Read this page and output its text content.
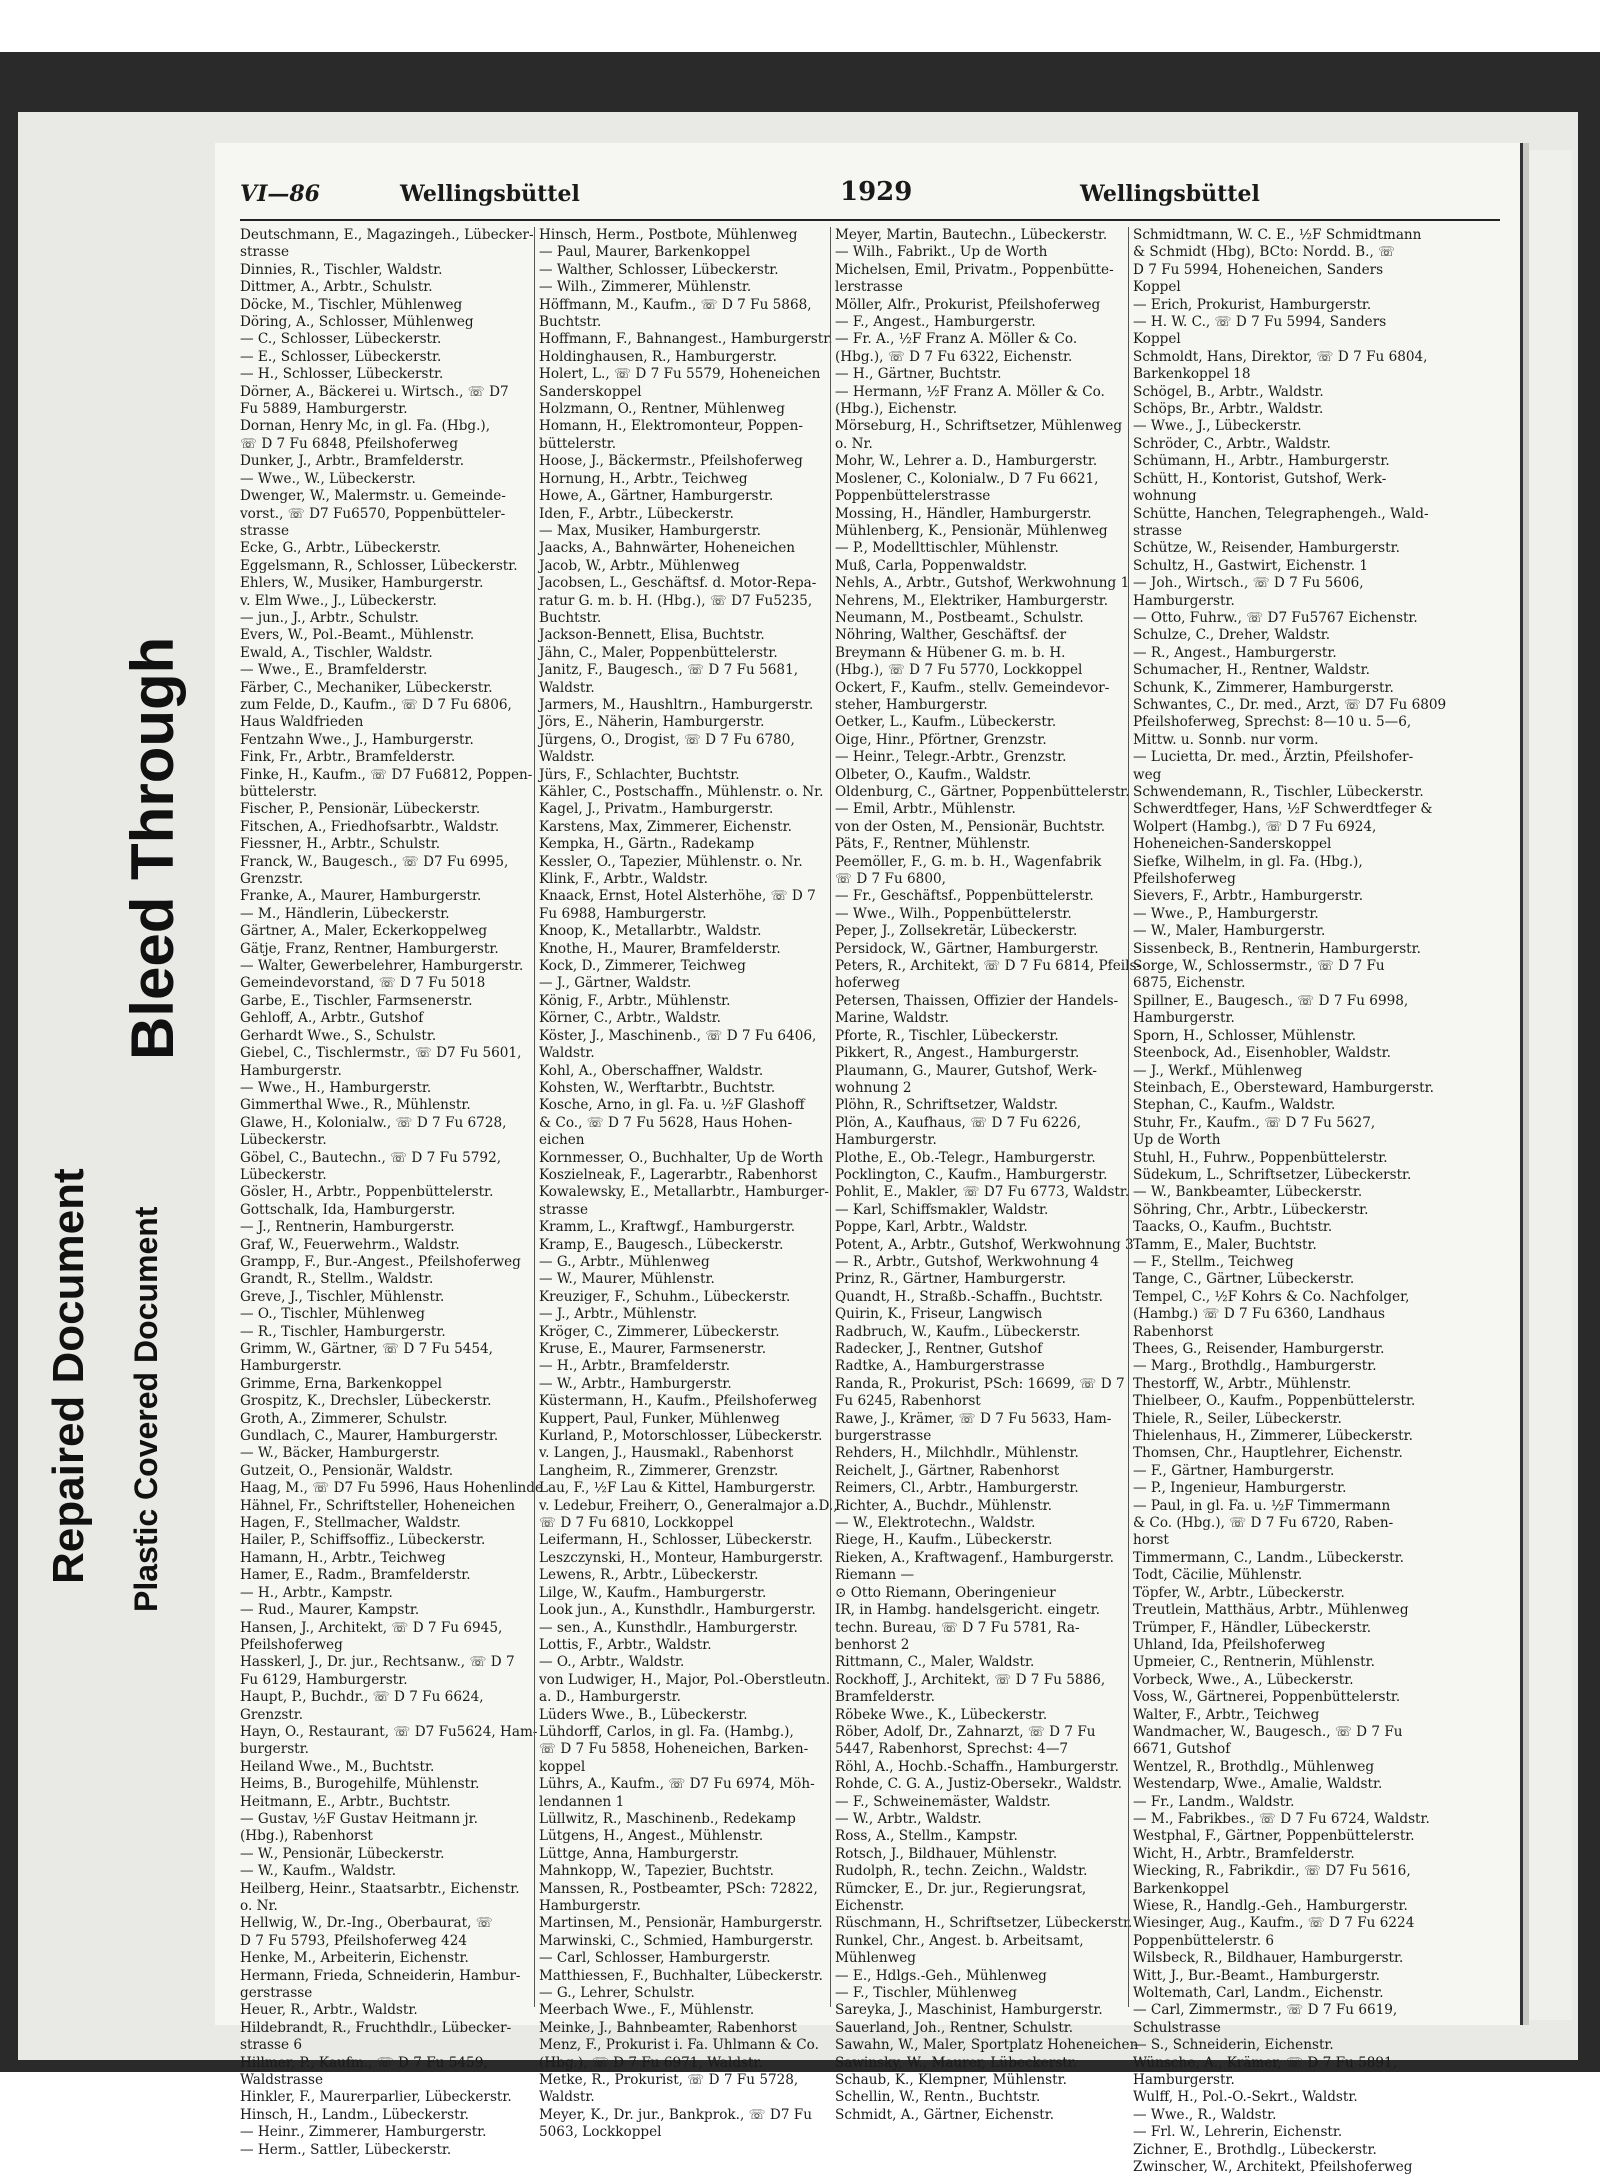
Bleed Through
Repaired Document Plastic Covered Document
VI—86	Wellingsbüttel	1929	Wellingsbüttel
Deutschmann, E., Magazingeh., Lübecker-
strasse
Dinnies, R., Tischler, Waldstr.
Dittmer, A., Arbtr., Schulstr.
Döcke, M., Tischler, Mühlenweg
Döring, A., Schlosser, Mühlenweg
— C., Schlosser, Lübeckerstr.
— E., Schlosser, Lübeckerstr.
— H., Schlosser, Lübeckerstr.
Dörner, A., Bäckerei u. Wirtsch., ☏ D7
Fu 5889, Hamburgerstr.
Dornan, Henry Mc, in gl. Fa. (Hbg.),
☏ D 7 Fu 6848, Pfeilshoferweg
Dunker, J., Arbtr., Bramfelderstr.
— Wwe., W., Lübeckerstr.
Dwenger, W., Malermstr. u. Gemeinde-
vorst., ☏ D7 Fu6570, Poppenbütteler-
strasse
Ecke, G., Arbtr., Lübeckerstr.
Eggelsmann, R., Schlosser, Lübeckerstr.
Ehlers, W., Musiker, Hamburgerstr.
v. Elm Wwe., J., Lübeckerstr.
— jun., J., Arbtr., Schulstr.
Evers, W., Pol.-Beamt., Mühlenstr.
Ewald, A., Tischler, Waldstr.
— Wwe., E., Bramfelderstr.
Färber, C., Mechaniker, Lübeckerstr.
zum Felde, D., Kaufm., ☏ D 7 Fu 6806,
Haus Waldfrieden
Fentzahn Wwe., J., Hamburgerstr.
Fink, Fr., Arbtr., Bramfelderstr.
Finke, H., Kaufm., ☏ D7 Fu6812, Poppen-
büttelerstr.
Fischer, P., Pensionär, Lübeckerstr.
Fitschen, A., Friedhofsarbtr., Waldstr.
Fiessner, H., Arbtr., Schulstr.
Franck, W., Baugesch., ☏ D7 Fu 6995,
Grenzstr.
Franke, A., Maurer, Hamburgerstr.
— M., Händlerin, Lübeckerstr.
Gärtner, A., Maler, Eckerkoppelweg
Gätje, Franz, Rentner, Hamburgerstr.
— Walter, Gewerbelehrer, Hamburgerstr.
Gemeindevorstand, ☏ D 7 Fu 5018
Garbe, E., Tischler, Farmsenerstr.
Gehloff, A., Arbtr., Gutshof
Gerhardt Wwe., S., Schulstr.
Giebel, C., Tischlermstr., ☏ D7 Fu 5601,
Hamburgerstr.
— Wwe., H., Hamburgerstr.
Gimmerthal Wwe., R., Mühlenstr.
Glawe, H., Kolonialw., ☏ D 7 Fu 6728,
Lübeckerstr.
Göbel, C., Bautechn., ☏ D 7 Fu 5792,
Lübeckerstr.
Gösler, H., Arbtr., Poppenbüttelerstr.
Gottschalk, Ida, Hamburgerstr.
— J., Rentnerin, Hamburgerstr.
Graf, W., Feuerwehrm., Waldstr.
Grampp, F., Bur.-Angest., Pfeilshoferweg
Grandt, R., Stellm., Waldstr.
Greve, J., Tischler, Mühlenstr.
— O., Tischler, Mühlenweg
— R., Tischler, Hamburgerstr.
Grimm, W., Gärtner, ☏ D 7 Fu 5454,
Hamburgerstr.
Grimme, Erna, Barkenkoppel
Grospitz, K., Drechsler, Lübeckerstr.
Groth, A., Zimmerer, Schulstr.
Gundlach, C., Maurer, Hamburgerstr.
— W., Bäcker, Hamburgerstr.
Gutzeit, O., Pensionär, Waldstr.
Haag, M., ☏ D7 Fu 5996, Haus Hohenlinde
Hähnel, Fr., Schriftsteller, Hoheneichen
Hagen, F., Stellmacher, Waldstr.
Hailer, P., Schiffsoffiz., Lübeckerstr.
Hamann, H., Arbtr., Teichweg
Hamer, E., Radm., Bramfelderstr.
— H., Arbtr., Kampstr.
— Rud., Maurer, Kampstr.
Hansen, J., Architekt, ☏ D 7 Fu 6945,
Pfeilshoferweg
Hasskerl, J., Dr. jur., Rechtsanw., ☏ D 7
Fu 6129, Hamburgerstr.
Haupt, P., Buchdr., ☏ D 7 Fu 6624,
Grenzstr.
Hayn, O., Restaurant, ☏ D7 Fu5624, Ham-
burgerstr.
Heiland Wwe., M., Buchtstr.
Heims, B., Burogehilfe, Mühlenstr.
Heitmann, E., Arbtr., Buchtstr.
— Gustav, ½F Gustav Heitmann jr.
(Hbg.), Rabenhorst
— W., Pensionär, Lübeckerstr.
— W., Kaufm., Waldstr.
Heilberg, Heinr., Staatsarbtr., Eichenstr.
o. Nr.
Hellwig, W., Dr.-Ing., Oberbaurat, ☏
D 7 Fu 5793, Pfeilshoferweg 424
Henke, M., Arbeiterin, Eichenstr.
Hermann, Frieda, Schneiderin, Hambur-
gerstrasse
Heuer, R., Arbtr., Waldstr.
Hildebrandt, R., Fruchthdlr., Lübecker-
strasse 6
Hillmer, P., Kaufm., ☏ D 7 Fu 5459,
Waldstrasse
Hinkler, F., Maurerparlier, Lübeckerstr.
Hinsch, H., Landm., Lübeckerstr.
— Heinr., Zimmerer, Hamburgerstr.
— Herm., Sattler, Lübeckerstr.
Hinsch, Herm., Postbote, Mühlenweg
— Paul, Maurer, Barkenkoppel
— Walther, Schlosser, Lübeckerstr.
— Wilh., Zimmerer, Mühlenstr.
Höffmann, M., Kaufm., ☏ D 7 Fu 5868,
Buchtstr.
Hoffmann, F., Bahnangest., Hamburgerstr.
Holdinghausen, R., Hamburgerstr.
Holert, L., ☏ D 7 Fu 5579, Hoheneichen
Sanderskoppel
Holzmann, O., Rentner, Mühlenweg
Homann, H., Elektromonteur, Poppen-
büttelerstr.
Hoose, J., Bäckermstr., Pfeilshoferweg
Hornung, H., Arbtr., Teichweg
Howe, A., Gärtner, Hamburgerstr.
Iden, F., Arbtr., Lübeckerstr.
— Max, Musiker, Hamburgerstr.
Jaacks, A., Bahnwärter, Hoheneichen
Jacob, W., Arbtr., Mühlenweg
Jacobsen, L., Geschäftsf. d. Motor-Repa-
ratur G. m. b. H. (Hbg.), ☏ D7 Fu5235,
Buchtstr.
Jackson-Bennett, Elisa, Buchtstr.
Jähn, C., Maler, Poppenbüttelerstr.
Janitz, F., Baugesch., ☏ D 7 Fu 5681,
Waldstr.
Jarmers, M., Haushltrn., Hamburgerstr.
Jörs, E., Näherin, Hamburgerstr.
Jürgens, O., Drogist, ☏ D 7 Fu 6780,
Waldstr.
Jürs, F., Schlachter, Buchtstr.
Kähler, C., Postschaffn., Mühlenstr. o. Nr.
Kagel, J., Privatm., Hamburgerstr.
Karstens, Max, Zimmerer, Eichenstr.
Kempka, H., Gärtn., Radekamp
Kessler, O., Tapezier, Mühlenstr. o. Nr.
Klink, F., Arbtr., Waldstr.
Knaack, Ernst, Hotel Alsterhöhe, ☏ D 7
Fu 6988, Hamburgerstr.
Knoop, K., Metallarbtr., Waldstr.
Knothe, H., Maurer, Bramfelderstr.
Kock, D., Zimmerer, Teichweg
— J., Gärtner, Waldstr.
König, F., Arbtr., Mühlenstr.
Körner, C., Arbtr., Waldstr.
Köster, J., Maschinenb., ☏ D 7 Fu 6406,
Waldstr.
Kohl, A., Oberschaffner, Waldstr.
Kohsten, W., Werftarbtr., Buchtstr.
Kosche, Arno, in gl. Fa. u. ½F Glashoff
& Co., ☏ D 7 Fu 5628, Haus Hohen-
eichen
Kornmesser, O., Buchhalter, Up de Worth
Koszielneak, F., Lagerarbtr., Rabenhorst
Kowalewsky, E., Metallarbtr., Hamburger-
strasse
Kramm, L., Kraftwgf., Hamburgerstr.
Kramp, E., Baugesch., Lübeckerstr.
— G., Arbtr., Mühlenweg
— W., Maurer, Mühlenstr.
Kreuziger, F., Schuhm., Lübeckerstr.
— J., Arbtr., Mühlenstr.
Kröger, C., Zimmerer, Lübeckerstr.
Kruse, E., Maurer, Farmsenerstr.
— H., Arbtr., Bramfelderstr.
— W., Arbtr., Hamburgerstr.
Küstermann, H., Kaufm., Pfeilshoferweg
Kuppert, Paul, Funker, Mühlenweg
Kurland, P., Motorschlosser, Lübeckerstr.
v. Langen, J., Hausmakl., Rabenhorst
Langheim, R., Zimmerer, Grenzstr.
Lau, F., ½F Lau & Kittel, Hamburgerstr.
v. Ledebur, Freiherr, O., Generalmajor a.D.,
☏ D 7 Fu 6810, Lockkoppel
Leifermann, H., Schlosser, Lübeckerstr.
Leszczynski, H., Monteur, Hamburgerstr.
Lewens, R., Arbtr., Lübeckerstr.
Lilge, W., Kaufm., Hamburgerstr.
Look jun., A., Kunsthdlr., Hamburgerstr.
— sen., A., Kunsthdlr., Hamburgerstr.
Lottis, F., Arbtr., Waldstr.
— O., Arbtr., Waldstr.
von Ludwiger, H., Major, Pol.-Oberstleutn.
a. D., Hamburgerstr.
Lüders Wwe., B., Lübeckerstr.
Lühdorff, Carlos, in gl. Fa. (Hambg.),
☏ D 7 Fu 5858, Hoheneichen, Barken-
koppel
Lührs, A., Kaufm., ☏ D7 Fu 6974, Möh-
lendannen 1
Lüllwitz, R., Maschinenb., Redekamp
Lütgens, H., Angest., Mühlenstr.
Lüttge, Anna, Hamburgerstr.
Mahnkopp, W., Tapezier, Buchtstr.
Manssen, R., Postbeamter, PSch: 72822,
Hamburgerstr.
Martinsen, M., Pensionär, Hamburgerstr.
Marwinski, C., Schmied, Hamburgerstr.
— Carl, Schlosser, Hamburgerstr.
Matthiessen, F., Buchhalter, Lübeckerstr.
— G., Lehrer, Schulstr.
Meerbach Wwe., F., Mühlenstr.
Meinke, J., Bahnbeamter, Rabenhorst
Menz, F., Prokurist i. Fa. Uhlmann & Co.
(Hbg.), ☏ D 7 Fu 6971, Waldstr.
Metke, R., Prokurist, ☏ D 7 Fu 5728,
Waldstr.
Meyer, K., Dr. jur., Bankprok., ☏ D7 Fu
5063, Lockkoppel
Meyer, Martin, Bautechn., Lübeckerstr.
— Wilh., Fabrikt., Up de Worth
Michelsen, Emil, Privatm., Poppenbütte-
lerstrasse
Möller, Alfr., Prokurist, Pfeilshoferweg
— F., Angest., Hamburgerstr.
— Fr. A., ½F Franz A. Möller & Co.
(Hbg.), ☏ D 7 Fu 6322, Eichenstr.
— H., Gärtner, Buchtstr.
— Hermann, ½F Franz A. Möller & Co.
(Hbg.), Eichenstr.
Mörseburg, H., Schriftsetzer, Mühlenweg
o. Nr.
Mohr, W., Lehrer a. D., Hamburgerstr.
Moslener, C., Kolonialw., D 7 Fu 6621,
Poppenbüttelerstrasse
Mossing, H., Händler, Hamburgerstr.
Mühlenberg, K., Pensionär, Mühlenweg
— P., Modellttischler, Mühlenstr.
Muß, Carla, Poppenwaldstr.
Nehls, A., Arbtr., Gutshof, Werkwohnung 1
Nehrens, M., Elektriker, Hamburgerstr.
Neumann, M., Postbeamt., Schulstr.
Nöhring, Walther, Geschäftsf. der
Breymann & Hübener G. m. b. H.
(Hbg.), ☏ D 7 Fu 5770, Lockkoppel
Ockert, F., Kaufm., stellv. Gemeindevor-
steher, Hamburgerstr.
Oetker, L., Kaufm., Lübeckerstr.
Oige, Hinr., Pförtner, Grenzstr.
— Heinr., Telegr.-Arbtr., Grenzstr.
Olbeter, O., Kaufm., Waldstr.
Oldenburg, C., Gärtner, Poppenbüttelerstr.
— Emil, Arbtr., Mühlenstr.
von der Osten, M., Pensionär, Buchtstr.
Päts, F., Rentner, Mühlenstr.
Peemöller, F., G. m. b. H., Wagenfabrik
☏ D 7 Fu 6800,
— Fr., Geschäftsf., Poppenbüttelerstr.
— Wwe., Wilh., Poppenbüttelerstr.
Peper, J., Zollsekretär, Lübeckerstr.
Persidock, W., Gärtner, Hamburgerstr.
Peters, R., Architekt, ☏ D 7 Fu 6814, Pfeils-
hoferweg
Petersen, Thaissen, Offizier der Handels-
Marine, Waldstr.
Pforte, R., Tischler, Lübeckerstr.
Pikkert, R., Angest., Hamburgerstr.
Plaumann, G., Maurer, Gutshof, Werk-
wohnung 2
Plöhn, R., Schriftsetzer, Waldstr.
Plön, A., Kaufhaus, ☏ D 7 Fu 6226,
Hamburgerstr.
Plothe, E., Ob.-Telegr., Hamburgerstr.
Pocklington, C., Kaufm., Hamburgerstr.
Pohlit, E., Makler, ☏ D7 Fu 6773, Waldstr.
— Karl, Schiffsmakler, Waldstr.
Poppe, Karl, Arbtr., Waldstr.
Potent, A., Arbtr., Gutshof, Werkwohnung 3
— R., Arbtr., Gutshof, Werkwohnung 4
Prinz, R., Gärtner, Hamburgerstr.
Quandt, H., Straßb.-Schaffn., Buchtstr.
Quirin, K., Friseur, Langwisch
Radbruch, W., Kaufm., Lübeckerstr.
Radecker, J., Rentner, Gutshof
Radtke, A., Hamburgerstrasse
Randa, R., Prokurist, PSch: 16699, ☏ D 7
Fu 6245, Rabenhorst
Rawe, J., Krämer, ☏ D 7 Fu 5633, Ham-
burgerstrasse
Rehders, H., Milchhdlr., Mühlenstr.
Reichelt, J., Gärtner, Rabenhorst
Reimers, Cl., Arbtr., Hamburgerstr.
Richter, A., Buchdr., Mühlenstr.
— W., Elektrotechn., Waldstr.
Riege, H., Kaufm., Lübeckerstr.
Rieken, A., Kraftwagenf., Hamburgerstr.
Riemann —
⊙ Otto Riemann, Oberingenieur
IR, in Hambg. handelsgericht. eingetr.
techn. Bureau, ☏ D 7 Fu 5781, Ra-
benhorst 2
Rittmann, C., Maler, Waldstr.
Rockhoff, J., Architekt, ☏ D 7 Fu 5886,
Bramfelderstr.
Röbeke Wwe., K., Lübeckerstr.
Röber, Adolf, Dr., Zahnarzt, ☏ D 7 Fu
5447, Rabenhorst, Sprechst: 4—7
Röhl, A., Hochb.-Schaffn., Hamburgerstr.
Rohde, C. G. A., Justiz-Obersekr., Waldstr.
— F., Schweinemäster, Waldstr.
— W., Arbtr., Waldstr.
Ross, A., Stellm., Kampstr.
Rotsch, J., Bildhauer, Mühlenstr.
Rudolph, R., techn. Zeichn., Waldstr.
Rümcker, E., Dr. jur., Regierungsrat,
Eichenstr.
Rüschmann, H., Schriftsetzer, Lübeckerstr.
Runkel, Chr., Angest. b. Arbeitsamt,
Mühlenweg
— E., Hdlgs.-Geh., Mühlenweg
— F., Tischler, Mühlenweg
Sareyka, J., Maschinist, Hamburgerstr.
Sauerland, Joh., Rentner, Schulstr.
Sawahn, W., Maler, Sportplatz Hoheneichen
Sawinsky, W., Maurer, Lübeckerstr.
Schaub, K., Klempner, Mühlenstr.
Schellin, W., Rentn., Buchtstr.
Schmidt, A., Gärtner, Eichenstr.
Schmidtmann, W. C. E., ½F Schmidtmann
& Schmidt (Hbg), BCto: Nordd. B., ☏
D 7 Fu 5994, Hoheneichen, Sanders
Koppel
— Erich, Prokurist, Hamburgerstr.
— H. W. C., ☏ D 7 Fu 5994, Sanders
Koppel
Schmoldt, Hans, Direktor, ☏ D 7 Fu 6804,
Barkenkoppel 18
Schögel, B., Arbtr., Waldstr.
Schöps, Br., Arbtr., Waldstr.
— Wwe., J., Lübeckerstr.
Schröder, C., Arbtr., Waldstr.
Schümann, H., Arbtr., Hamburgerstr.
Schütt, H., Kontorist, Gutshof, Werk-
wohnung
Schütte, Hanchen, Telegraphengeh., Wald-
strasse
Schütze, W., Reisender, Hamburgerstr.
Schultz, H., Gastwirt, Eichenstr. 1
— Joh., Wirtsch., ☏ D 7 Fu 5606,
Hamburgerstr.
— Otto, Fuhrw., ☏ D7 Fu5767 Eichenstr.
Schulze, C., Dreher, Waldstr.
— R., Angest., Hamburgerstr.
Schumacher, H., Rentner, Waldstr.
Schunk, K., Zimmerer, Hamburgerstr.
Schwantes, C., Dr. med., Arzt, ☏ D7 Fu 6809
Pfeilshoferweg, Sprechst: 8—10 u. 5—6,
Mittw. u. Sonnb. nur vorm.
— Lucietta, Dr. med., Ärztin, Pfeilshofer-
weg
Schwendemann, R., Tischler, Lübeckerstr.
Schwerdtfeger, Hans, ½F Schwerdtfeger &
Wolpert (Hambg.), ☏ D 7 Fu 6924,
Hoheneichen-Sanderskoppel
Siefke, Wilhelm, in gl. Fa. (Hbg.),
Pfeilshoferweg
Sievers, F., Arbtr., Hamburgerstr.
— Wwe., P., Hamburgerstr.
— W., Maler, Hamburgerstr.
Sissenbeck, B., Rentnerin, Hamburgerstr.
Sorge, W., Schlossermstr., ☏ D 7 Fu
6875, Eichenstr.
Spillner, E., Baugesch., ☏ D 7 Fu 6998,
Hamburgerstr.
Sporn, H., Schlosser, Mühlenstr.
Steenbock, Ad., Eisenhobler, Waldstr.
— J., Werkf., Mühlenweg
Steinbach, E., Obersteward, Hamburgerstr.
Stephan, C., Kaufm., Waldstr.
Stuhr, Fr., Kaufm., ☏ D 7 Fu 5627,
Up de Worth
Stuhl, H., Fuhrw., Poppenbüttelerstr.
Südekum, L., Schriftsetzer, Lübeckerstr.
— W., Bankbeamter, Lübeckerstr.
Söhring, Chr., Arbtr., Lübeckerstr.
Taacks, O., Kaufm., Buchtstr.
Tamm, E., Maler, Buchtstr.
— F., Stellm., Teichweg
Tange, C., Gärtner, Lübeckerstr.
Tempel, C., ½F Kohrs & Co. Nachfolger,
(Hambg.) ☏ D 7 Fu 6360, Landhaus
Rabenhorst
Thees, G., Reisender, Hamburgerstr.
— Marg., Brothdlg., Hamburgerstr.
Thestorff, W., Arbtr., Mühlenstr.
Thielbeer, O., Kaufm., Poppenbüttelerstr.
Thiele, R., Seiler, Lübeckerstr.
Thielenhaus, H., Zimmerer, Lübeckerstr.
Thomsen, Chr., Hauptlehrer, Eichenstr.
— F., Gärtner, Hamburgerstr.
— P., Ingenieur, Hamburgerstr.
— Paul, in gl. Fa. u. ½F Timmermann
& Co. (Hbg.), ☏ D 7 Fu 6720, Raben-
horst
Timmermann, C., Landm., Lübeckerstr.
Todt, Cäcilie, Mühlenstr.
Töpfer, W., Arbtr., Lübeckerstr.
Treutlein, Matthäus, Arbtr., Mühlenweg
Trümper, F., Händler, Lübeckerstr.
Uhland, Ida, Pfeilshoferweg
Upmeier, C., Rentnerin, Mühlenstr.
Vorbeck, Wwe., A., Lübeckerstr.
Voss, W., Gärtnerei, Poppenbüttelerstr.
Walter, F., Arbtr., Teichweg
Wandmacher, W., Baugesch., ☏ D 7 Fu
6671, Gutshof
Wentzel, R., Brothdlg., Mühlenweg
Westendarp, Wwe., Amalie, Waldstr.
— Fr., Landm., Waldstr.
— M., Fabrikbes., ☏ D 7 Fu 6724, Waldstr.
Westphal, F., Gärtner, Poppenbüttelerstr.
Wicht, H., Arbtr., Bramfelderstr.
Wiecking, R., Fabrikdir., ☏ D7 Fu 5616,
Barkenkoppel
Wiese, R., Handlg.-Geh., Hamburgerstr.
Wiesinger, Aug., Kaufm., ☏ D 7 Fu 6224
Poppenbüttelerstr. 6
Wilsbeck, R., Bildhauer, Hamburgerstr.
Witt, J., Bur.-Beamt., Hamburgerstr.
Woltemath, Carl, Landm., Eichenstr.
— Carl, Zimmermstr., ☏ D 7 Fu 6619,
Schulstrasse
— S., Schneiderin, Eichenstr.
Wünsche, A., Krämer, ☏ D 7 Fu 5891,
Hamburgerstr.
Wulff, H., Pol.-O.-Sekrt., Waldstr.
— Wwe., R., Waldstr.
— Frl. W., Lehrerin, Eichenstr.
Zichner, E., Brothdlg., Lübeckerstr.
Zwinscher, W., Architekt, Pfeilshoferweg
